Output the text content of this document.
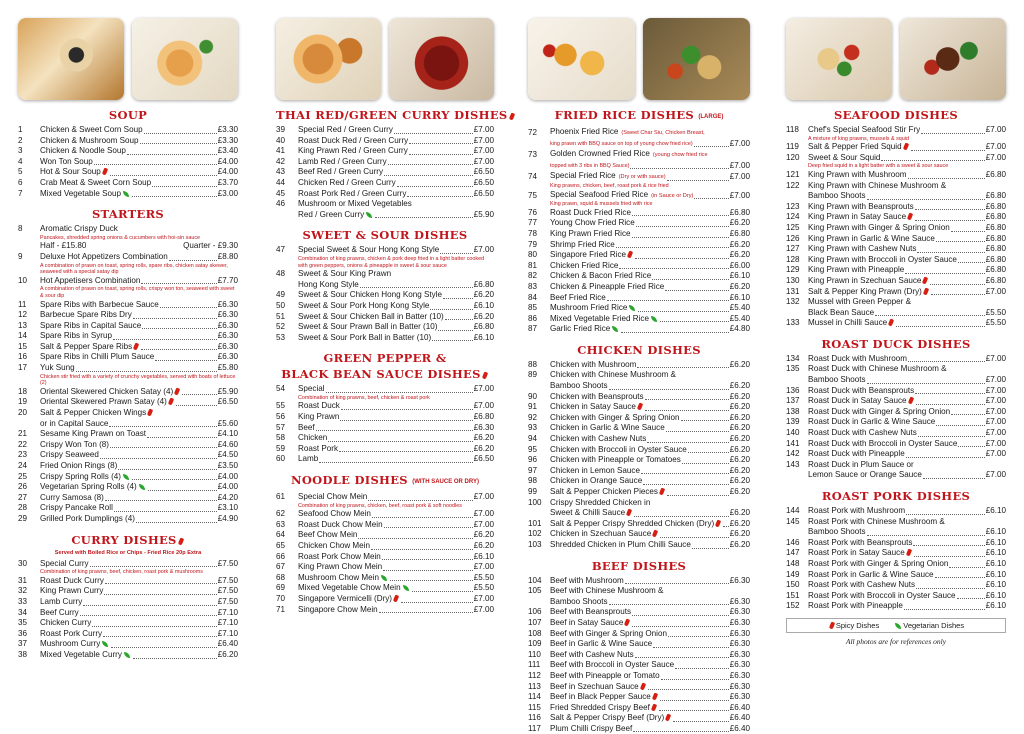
SOUP
1	Chicken & Sweet Corn Soup	£3.30
2	Chicken & Mushroom Soup	£3.30
3	Chicken & Noodle Soup	£3.40
4	Won Ton Soup	£4.00
5	Hot & Sour Soup	£4.00
6	Crab Meat & Sweet Corn Soup	£3.70
7	Mixed Vegetable Soup	£3.00
STARTERS
8	Aromatic Crispy Duck
Pancakes, shredded spring onions & cucumbers with hoi-sin sauce
Half - £15.80	Quarter - £9.30
9	Deluxe Hot Appetizers Combination	£8.80
A combination of prawn on toast, spring rolls, spare ribs, chicken satay skewer, seaweed with a special satay dip
10	Hot Appetisers Combination	£7.70
A combination of prawn on toast, spring rolls, crispy won ton, seaweed with sweet & sour dip
11	Spare Ribs with Barbecue Sauce	£6.30
12	Barbecue Spare Ribs Dry	£6.30
13	Spare Ribs in Capital Sauce	£6.30
14	Spare Ribs in Syrup	£6.30
15	Salt & Pepper Spare Ribs	£6.30
16	Spare Ribs in Chilli Plum Sauce	£6.30
17	Yuk Sung	£5.80
Chicken stir fried with a variety of crunchy vegetables, served with boats of lettuce (2)
18	Oriental Skewered Chicken Satay (4)	£5.90
19	Oriental Skewered Prawn Satay (4)	£6.50
20	Salt & Pepper Chicken Wings
or in Capital Sauce	£5.60
21	Sesame King Prawn on Toast	£4.10
22	Crispy Won Ton (8)	£4.60
23	Crispy Seaweed	£4.50
24	Fried Onion Rings (8)	£3.50
25	Crispy Spring Rolls (4)	£4.00
26	Vegetarian Spring Rolls (4)	£4.00
27	Curry Samosa (8)	£4.20
28	Crispy Pancake Roll	£3.10
29	Grilled Pork Dumplings (4)	£4.90
CURRY DISHES
Served with Boiled Rice or Chips - Fried Rice 20p Extra
30	Special Curry	£7.50
Combination of king prawns, beef, chicken, roast pork & mushrooms
31	Roast Duck Curry	£7.50
32	King Prawn Curry	£7.50
33	Lamb Curry	£7.50
34	Beef Curry	£7.10
35	Chicken Curry	£7.10
36	Roast Pork Curry	£7.10
37	Mushroom Curry	£6.40
38	Mixed Vegetable Curry	£6.20
THAI RED/GREEN CURRY DISHES
39	Special Red / Green Curry	£7.00
40	Roast Duck Red / Green Curry	£7.00
41	King Prawn Red / Green Curry	£7.00
42	Lamb Red / Green Curry	£7.00
43	Beef Red / Green Curry	£6.50
44	Chicken Red / Green Curry	£6.50
45	Roast Pork Red / Green Curry	£6.50
46	Mushroom or Mixed Vegetables
Red / Green Curry	£5.90
SWEET & SOUR DISHES
47	Special Sweet & Sour Hong Kong Style	£7.00
Combination of king prawns, chicken & pork deep fried in a light batter cooked with green peppers, onions & pineapple in sweet & sour sauce
48	Sweet & Sour King Prawn
Hong Kong Style	£6.80
49	Sweet & Sour Chicken Hong Kong Style	£6.20
50	Sweet & Sour Pork Hong Kong Style	£6.10
51	Sweet & Sour Chicken Ball in Batter (10)	£6.20
52	Sweet & Sour Prawn Ball in Batter (10)	£6.80
53	Sweet & Sour Pork Ball in Batter (10)	£6.10
GREEN PEPPER &
BLACK BEAN SAUCE DISHES
54	Special	£7.00
Combination of king prawns, beef, chicken & roast pork
55	Roast Duck	£7.00
56	King Prawn	£6.80
57	Beef	£6.30
58	Chicken	£6.20
59	Roast Pork	£6.20
60	Lamb	£6.50
NOODLE DISHES (WITH SAUCE OR DRY)
61	Special Chow Mein	£7.00
Combination of king prawns, chicken, beef, roast pork & soft noodles
62	Seafood Chow Mein	£7.00
63	Roast Duck Chow Mein	£7.00
64	Beef Chow Mein	£6.20
65	Chicken Chow Mein	£6.20
66	Roast Pork Chow Mein	£6.10
67	King Prawn Chow Mein	£7.00
68	Mushroom Chow Mein	£5.50
69	Mixed Vegetable Chow Mein	£5.50
70	Singapore Vermicelli (Dry)	£7.00
71	Singapore Chow Mein	£7.00
FRIED RICE DISHES (LARGE)
72	Phoenix Fried Rice (Sweet Char Siu, Chicken Breast,
king prawn with BBQ sauce on top of young chow fried rice)	£7.00
73	Golden Crowned Fried Rice (young chow fried rice
topped with 3 ribs in BBQ Sauce)	£7.00
74	Special Fried Rice (Dry or with sauce)	£7.00
King prawns, chicken, beef, roast pork & rice fried
75	Special Seafood Fried Rice (in Sauce or Dry)	£7.00
King prawn, squid & mussels fried with rice
76	Roast Duck Fried Rice	£6.80
77	Young Chow Fried Rice	£6.20
78	King Prawn Fried Rice	£6.80
79	Shrimp Fried Rice	£6.20
80	Singapore Fried Rice	£6.20
81	Chicken Fried Rice	£6.00
82	Chicken & Bacon Fried Rice	£6.10
83	Chicken & Pineapple Fried Rice	£6.20
84	Beef Fried Rice	£6.10
85	Mushroom Fried Rice	£5.40
86	Mixed Vegetable Fried Rice	£5.40
87	Garlic Fried Rice	£4.80
CHICKEN DISHES
88	Chicken with Mushroom	£6.20
89	Chicken with Chinese Mushroom &
Bamboo Shoots	£6.20
90	Chicken with Beansprouts	£6.20
91	Chicken in Satay Sauce	£6.20
92	Chicken with Ginger & Spring Onion	£6.20
93	Chicken in Garlic & Wine Sauce	£6.20
94	Chicken with Cashew Nuts	£6.20
95	Chicken with Broccoli in Oyster Sauce	£6.20
96	Chicken with Pineapple or Tomatoes	£6.20
97	Chicken in Lemon Sauce	£6.20
98	Chicken in Orange Sauce	£6.20
99	Salt & Pepper Chicken Pieces	£6.20
100	Crispy Shredded Chicken in
Sweet & Chilli Sauce	£6.20
101	Salt & Pepper Crispy Shredded Chicken (Dry)	£6.20
102	Chicken in Szechuan Sauce	£6.20
103	Shredded Chicken in Plum Chilli Sauce	£6.20
BEEF DISHES
104	Beef with Mushroom	£6.30
105	Beef with Chinese Mushroom &
Bamboo Shoots	£6.30
106	Beef with Beansprouts	£6.30
107	Beef in Satay Sauce	£6.30
108	Beef with Ginger & Spring Onion	£6.30
109	Beef in Garlic & Wine Sauce	£6.30
110	Beef with Cashew Nuts	£6.30
111	Beef with Broccoli in Oyster Sauce	£6.30
112	Beef with Pineapple or Tomato	£6.30
113	Beef in Szechuan Sauce	£6.30
114	Beef in Black Pepper Sauce	£6.30
115	Fried Shredded Crispy Beef	£6.40
116	Salt & Pepper Crispy Beef (Dry)	£6.40
117	Plum Chilli Crispy Beef	£6.40
SEAFOOD DISHES
118	Chef's Special Seafood Stir Fry	£7.00
A mixture of king prawns, mussels & squid
119	Salt & Pepper Fried Squid	£7.00
120	Sweet & Sour Squid	£7.00
Deep fried squid in a light batter with a sweet & sour sauce
121	King Prawn with Mushroom	£6.80
122	King Prawn with Chinese Mushroom &
Bamboo Shoots	£6.80
123	King Prawn with Beansprouts	£6.80
124	King Prawn in Satay Sauce	£6.80
125	King Prawn with Ginger & Spring Onion	£6.80
126	King Prawn in Garlic & Wine Sauce	£6.80
127	King Prawn with Cashew Nuts	£6.80
128	King Prawn with Broccoli in Oyster Sauce	£6.80
129	King Prawn with Pineapple	£6.80
130	King Prawn in Szechuan Sauce	£6.80
131	Salt & Pepper King Prawn (Dry)	£7.00
132	Mussel with Green Pepper &
Black Bean Sauce	£5.50
133	Mussel in Chilli Sauce	£5.50
ROAST DUCK DISHES
134	Roast Duck with Mushroom	£7.00
135	Roast Duck with Chinese Mushroom &
Bamboo Shoots	£7.00
136	Roast Duck with Beansprouts	£7.00
137	Roast Duck in Satay Sauce	£7.00
138	Roast Duck with Ginger & Spring Onion	£7.00
139	Roast Duck in Garlic & Wine Sauce	£7.00
140	Roast Duck with Cashew Nuts	£7.00
141	Roast Duck with Broccoli in Oyster Sauce	£7.00
142	Roast Duck with Pineapple	£7.00
143	Roast Duck in Plum Sauce or
Lemon Sauce or Orange Sauce	£7.00
ROAST PORK DISHES
144	Roast Pork with Mushroom	£6.10
145	Roast Pork with Chinese Mushroom &
Bamboo Shoots	£6.10
146	Roast Pork with Beansprouts	£6.10
147	Roast Pork in Satay Sauce	£6.10
148	Roast Pork with Ginger & Spring Onion	£6.10
149	Roast Pork in Garlic & Wine Sauce	£6.10
150	Roast Pork with Cashew Nuts	£6.10
151	Roast Pork with Broccoli in Oyster Sauce	£6.10
152	Roast Pork with Pineapple	£6.10
Spicy Dishes	Vegetarian Dishes
All photos are for references only
